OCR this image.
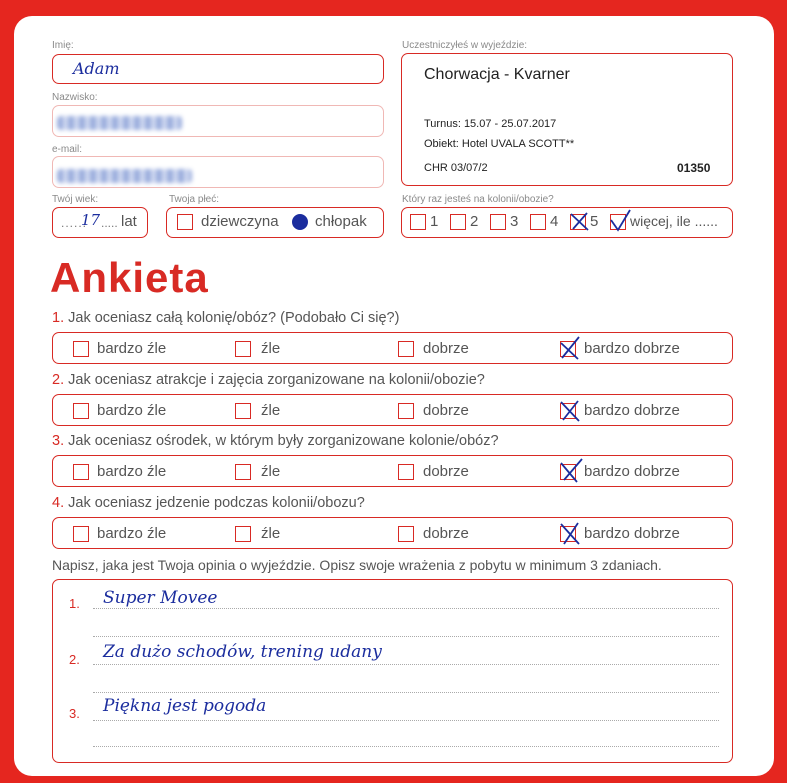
Imię:
Adam
Nazwisko:
e-mail:
Twój wiek:
......
17 ..... lat
Twoja płeć:
dziewczyna chłopak
Uczestniczyłeś w wyjeździe:
Chorwacja - Kvarner
Turnus: 15.07 - 25.07.2017
Obiekt: Hotel UVALA SCOTT**
CHR 03/07/2	01350
Który raz jesteś na kolonii/obozie?
1 2 3 4 5 więcej, ile ......
Ankieta
1. Jak oceniasz całą kolonię/obóz? (Podobało Ci się?)
bardzo źle	źle	dobrze	bardzo dobrze
2. Jak oceniasz atrakcje i zajęcia zorganizowane na kolonii/obozie?
bardzo źle	źle	dobrze	bardzo dobrze
3. Jak oceniasz ośrodek, w którym były zorganizowane kolonie/obóz?
bardzo źle	źle	dobrze	bardzo dobrze
4. Jak oceniasz jedzenie podczas kolonii/obozu?
bardzo źle	źle	dobrze	bardzo dobrze
Napisz, jaka jest Twoja opinia o wyjeździe. Opisz swoje wrażenia z pobytu w minimum 3 zdaniach.
1. Super Movee
2. Za dużo schodów, trening udany
3. Piękna jest pogoda
